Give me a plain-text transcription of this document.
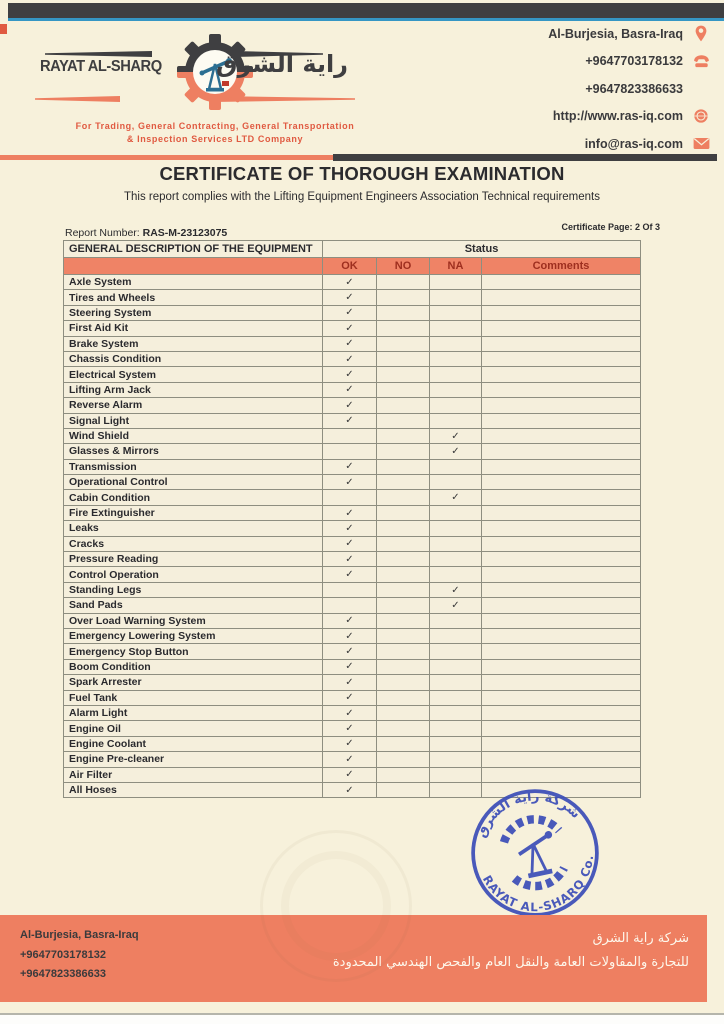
RAYAT AL-SHARQ راية الشرق
For Trading, General Contracting, General Transportation
& Inspection Services LTD Company
Al-Burjesia, Basra-Iraq
+9647703178132
+9647823386633
http://www.ras-iq.com
info@ras-iq.com
CERTIFICATE OF THOROUGH EXAMINATION
This report complies with the Lifting Equipment Engineers Association Technical requirements
Report Number: RAS-M-23123075	Certificate Page: 2 Of 3
GENERAL DESCRIPTION OF THE EQUIPMENT	Status			
	OK	NO	NA	Comments
Axle System	✓			
Tires and Wheels	✓			
Steering System	✓			
First Aid Kit	✓			
Brake System	✓			
Chassis Condition	✓			
Electrical System	✓			
Lifting Arm Jack	✓			
Reverse Alarm	✓			
Signal Light	✓			
Wind Shield			✓	
Glasses & Mirrors			✓	
Transmission	✓			
Operational Control	✓			
Cabin Condition			✓	
Fire Extinguisher	✓			
Leaks	✓			
Cracks	✓			
Pressure Reading	✓			
Control Operation	✓			
Standing Legs			✓	
Sand Pads			✓	
Over Load Warning System	✓			
Emergency Lowering System	✓			
Emergency Stop Button	✓			
Boom Condition	✓			
Spark Arrester	✓			
Fuel Tank	✓			
Alarm Light	✓			
Engine Oil	✓			
Engine Coolant	✓			
Engine Pre-cleaner	✓			
Air Filter	✓			
All Hoses	✓			
شركة راية الشرق
RAYAT AL-SHARQ Co.
Al-Burjesia, Basra-Iraq
+9647703178132
+9647823386633
شركة راية الشرق
للتجارة والمقاولات العامة والنقل العام والفحص الهندسي المحدودة
